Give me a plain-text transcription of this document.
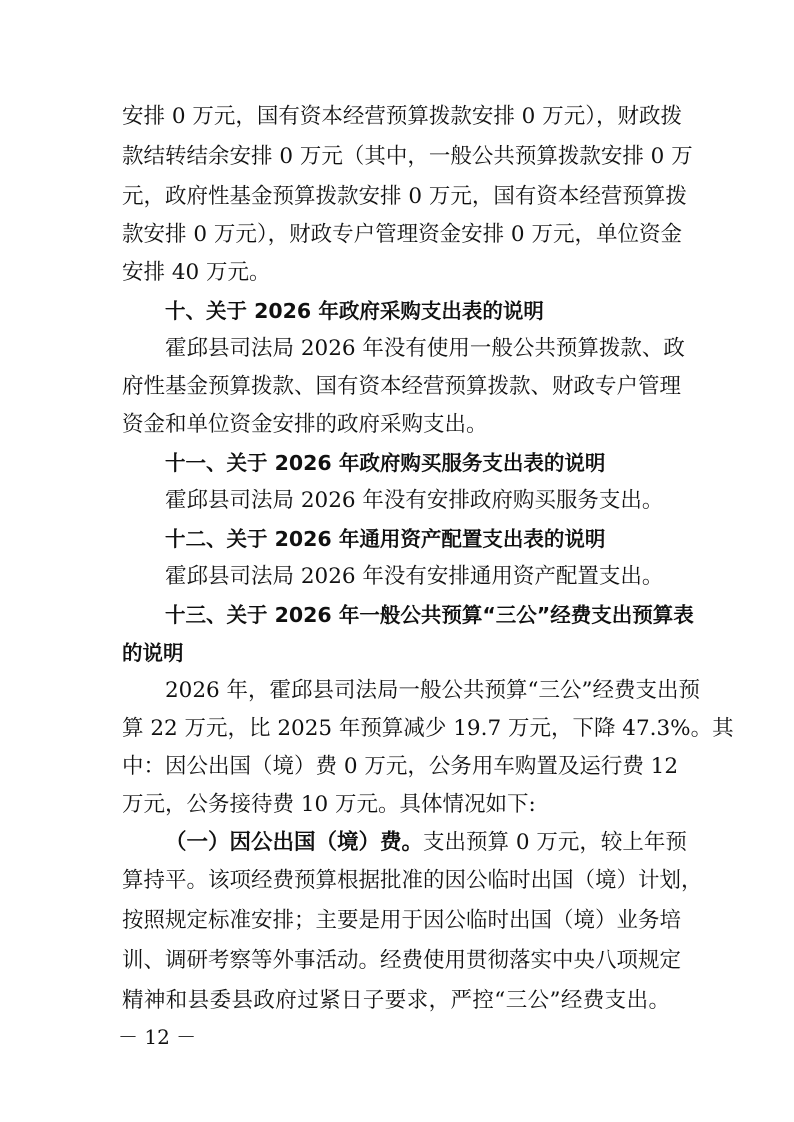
安排 0 万元，国有资本经营预算拨款安排 0 万元），财政拨
款结转结余安排 0 万元（其中，一般公共预算拨款安排 0 万
元，政府性基金预算拨款安排 0 万元，国有资本经营预算拨
款安排 0 万元），财政专户管理资金安排 0 万元，单位资金
安排 40 万元。
十、关于 2026 年政府采购支出表的说明
霍邱县司法局 2026 年没有使用一般公共预算拨款、政
府性基金预算拨款、国有资本经营预算拨款、财政专户管理
资金和单位资金安排的政府采购支出。
十一、关于 2026 年政府购买服务支出表的说明
霍邱县司法局 2026 年没有安排政府购买服务支出。
十二、关于 2026 年通用资产配置支出表的说明
霍邱县司法局 2026 年没有安排通用资产配置支出。
十三、关于 2026 年一般公共预算“三公”经费支出预算表
的说明
2026 年，霍邱县司法局一般公共预算“三公”经费支出预
算 22 万元，比 2025 年预算减少 19.7 万元，下降 47.3%。其
中：因公出国（境）费 0 万元，公务用车购置及运行费 12
万元，公务接待费 10 万元。具体情况如下:
（一）因公出国（境）费。 支出预算 0 万元，较上年预
算持平。该项经费预算根据批准的因公临时出国（境）计划，
按照规定标准安排；主要是用于因公临时出国（境）业务培
训、调研考察等外事活动。经费使用贯彻落实中央八项规定
精神和县委县政府过紧日子要求，严控“三公”经费支出。
－ 12 －
